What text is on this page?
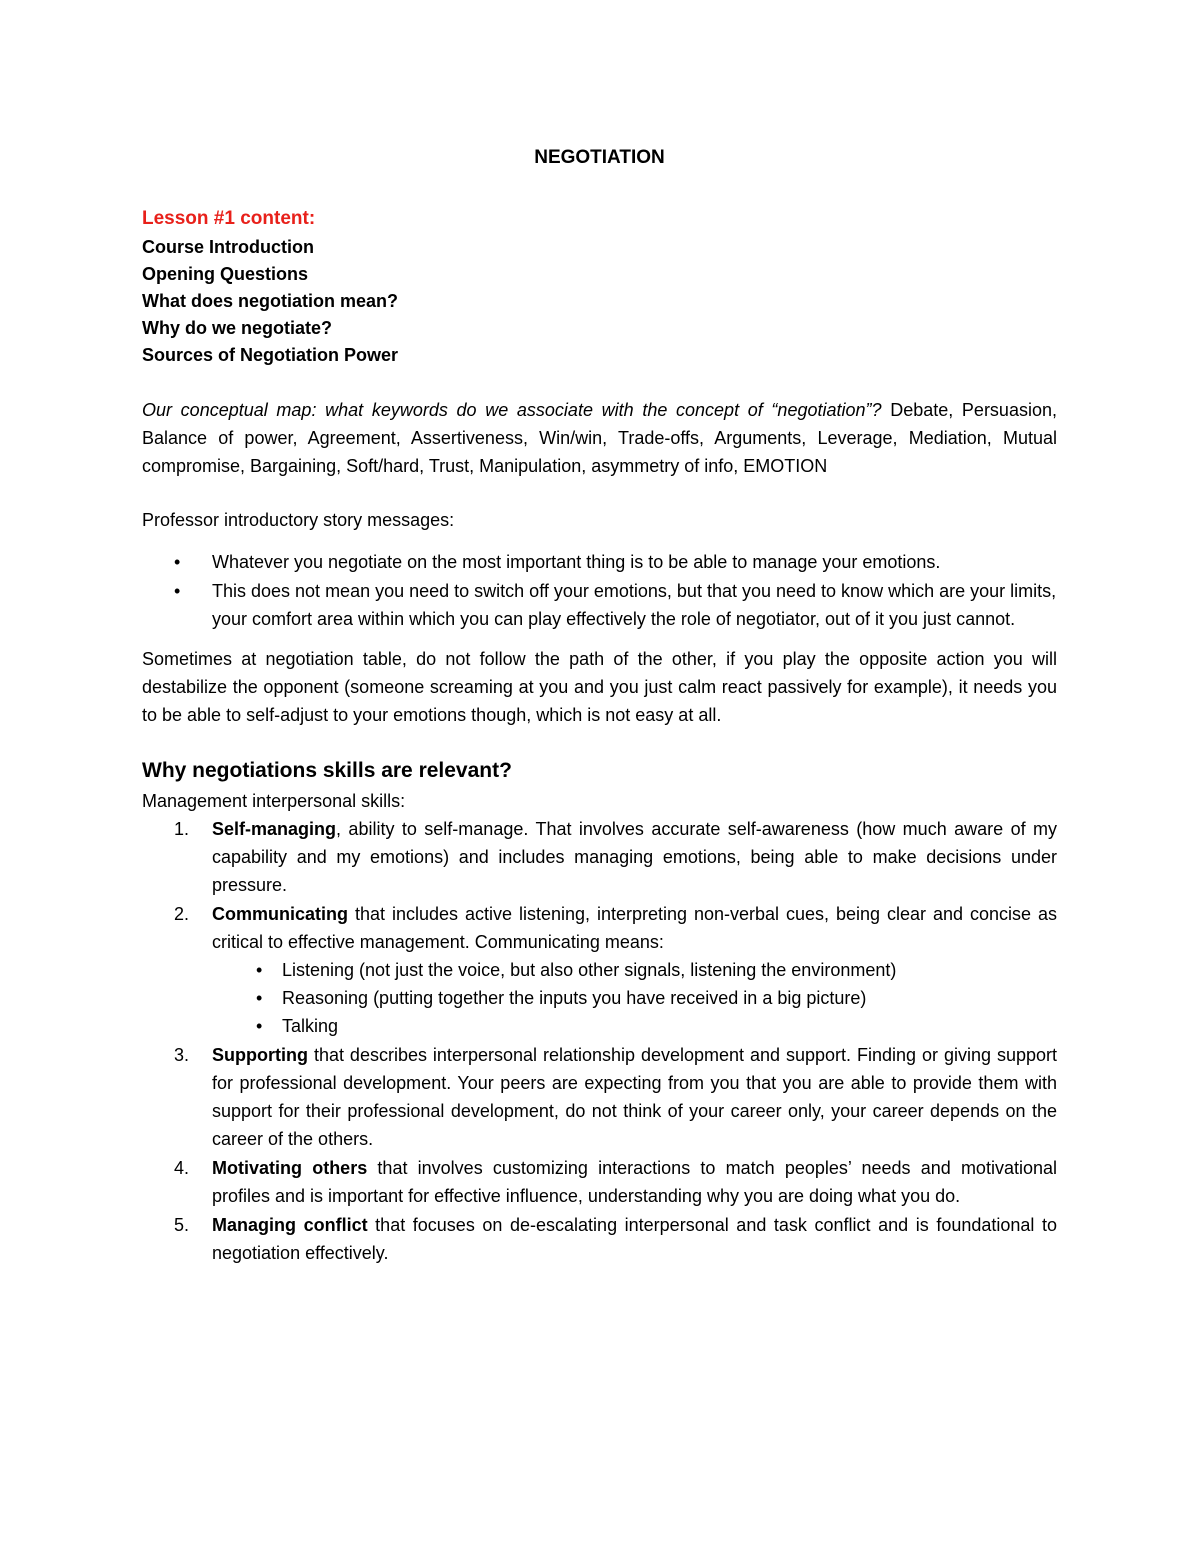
NEGOTIATION
Lesson #1 content:
Course Introduction
Opening Questions
What does negotiation mean?
Why do we negotiate?
Sources of Negotiation Power

Our conceptual map: what keywords do we associate with the concept of “negotiation”? Debate, Persuasion, Balance of power, Agreement, Assertiveness, Win/win, Trade-offs, Arguments, Leverage, Mediation, Mutual compromise, Bargaining, Soft/hard, Trust, Manipulation, asymmetry of info, EMOTION

Professor introductory story messages:

• Whatever you negotiate on the most important thing is to be able to manage your emotions.
• This does not mean you need to switch off your emotions, but that you need to know which are your limits, your comfort area within which you can play effectively the role of negotiator, out of it you just cannot.

Sometimes at negotiation table, do not follow the path of the other, if you play the opposite action you will destabilize the opponent (someone screaming at you and you just calm react passively for example), it needs you to be able to self-adjust to your emotions though, which is not easy at all.

Why negotiations skills are relevant?
Management interpersonal skills:
1. Self-managing, ability to self-manage. That involves accurate self-awareness (how much aware of my capability and my emotions) and includes managing emotions, being able to make decisions under pressure.
2. Communicating that includes active listening, interpreting non-verbal cues, being clear and concise as critical to effective management. Communicating means:
• Listening (not just the voice, but also other signals, listening the environment)
• Reasoning (putting together the inputs you have received in a big picture)
• Talking
3. Supporting that describes interpersonal relationship development and support. Finding or giving support for professional development. Your peers are expecting from you that you are able to provide them with support for their professional development, do not think of your career only, your career depends on the career of the others.
4. Motivating others that involves customizing interactions to match peoples’ needs and motivational profiles and is important for effective influence, understanding why you are doing what you do.
5. Managing conflict that focuses on de-escalating interpersonal and task conflict and is foundational to negotiation effectively.
